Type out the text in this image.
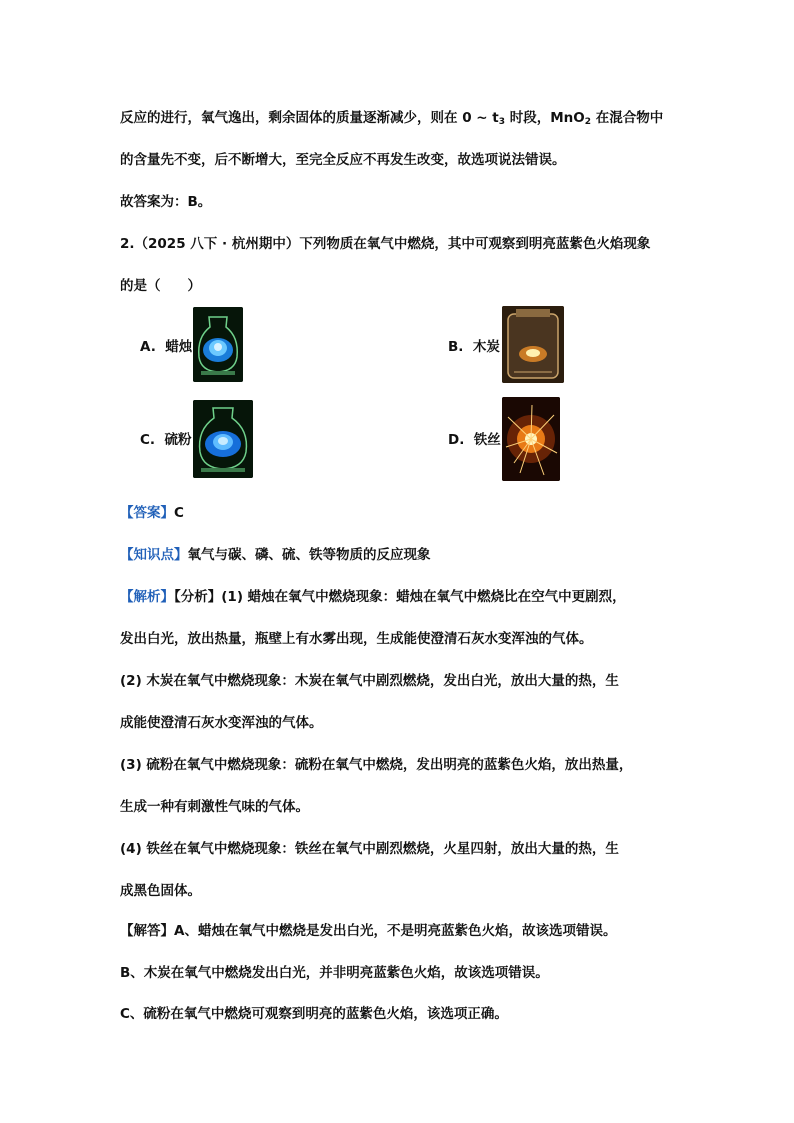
反应的进行，氧气逸出，剩余固体的质量逐渐减少，则在 0 ~ $t_3$ 时段，MnO$_2$ 在混合物中
的含量先不变，后不断增大，至完全反应不再发生改变，故选项说法错误。
故答案为：B。
2.（2025 八下 · 杭州期中）下列物质在氧气中燃烧，其中可观察到明亮蓝紫色火焰现象
的是（　　）
A. 蜡烛	B. 木炭
C. 硫粉	D. 铁丝
【答案】C
【知识点】氧气与碳、磷、硫、铁等物质的反应现象
【解析】【分析】(1) 蜡烛在氧气中燃烧现象：蜡烛在氧气中燃烧比在空气中更剧烈，
发出白光，放出热量，瓶壁上有水雾出现，生成能使澄清石灰水变浑浊的气体。
(2) 木炭在氧气中燃烧现象：木炭在氧气中剧烈燃烧，发出白光，放出大量的热，生
成能使澄清石灰水变浑浊的气体。
(3) 硫粉在氧气中燃烧现象：硫粉在氧气中燃烧，发出明亮的蓝紫色火焰，放出热量，
生成一种有刺激性气味的气体。
(4) 铁丝在氧气中燃烧现象：铁丝在氧气中剧烈燃烧，火星四射，放出大量的热，生
成黑色固体。
【解答】A、蜡烛在氧气中燃烧是发出白光，不是明亮蓝紫色火焰，故该选项错误。
B、木炭在氧气中燃烧发出白光，并非明亮蓝紫色火焰，故该选项错误。
C、硫粉在氧气中燃烧可观察到明亮的蓝紫色火焰，该选项正确。
